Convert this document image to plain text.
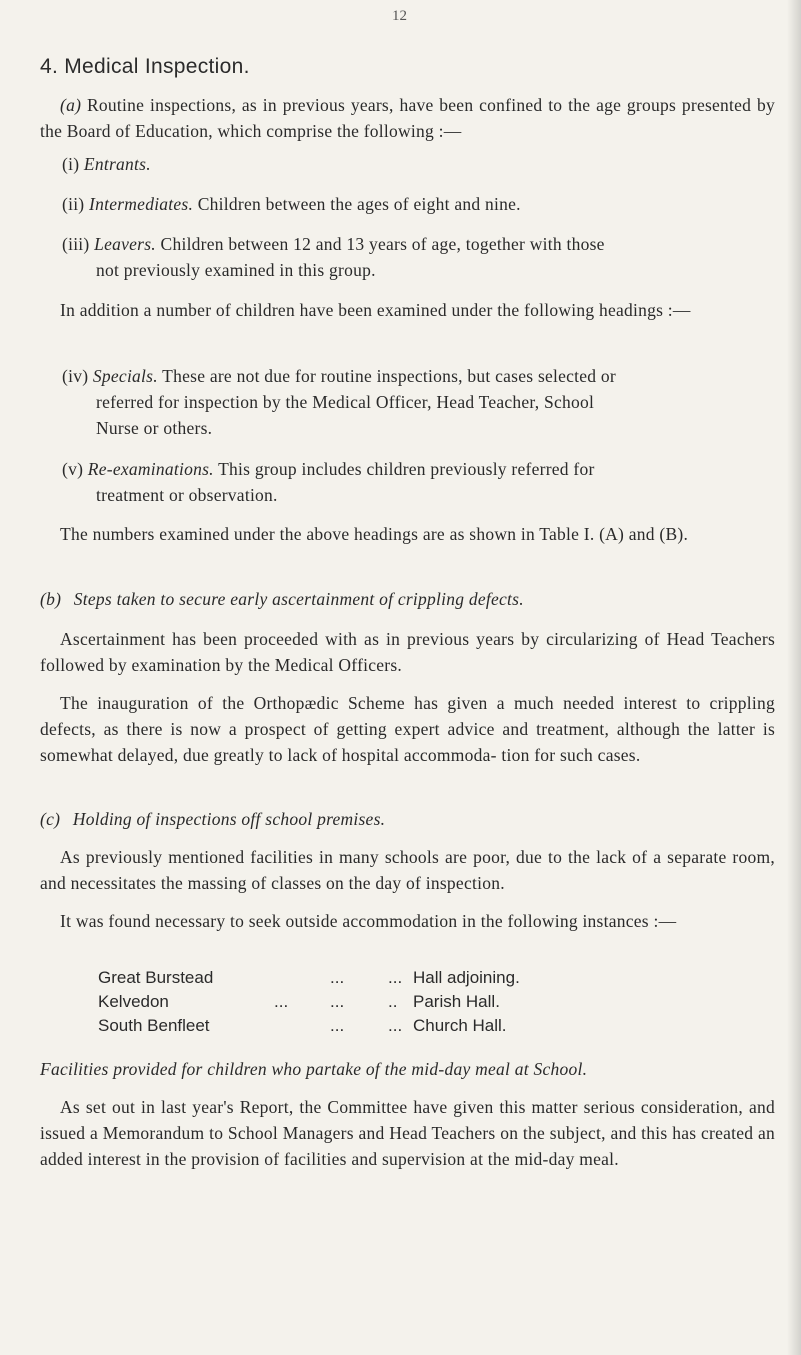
12
4. Medical Inspection.
(a) Routine inspections, as in previous years, have been confined to the age groups presented by the Board of Education, which comprise the following :—
(i) Entrants.
(ii) Intermediates. Children between the ages of eight and nine.
(iii) Leavers. Children between 12 and 13 years of age, together with those
not previously examined in this group.
In addition a number of children have been examined under the following headings :—
(iv) Specials. These are not due for routine inspections, but cases selected or
referred for inspection by the Medical Officer, Head Teacher, School
Nurse or others.
(v) Re-examinations. This group includes children previously referred for
treatment or observation.
The numbers examined under the above headings are as shown in Table I. (A) and (B).
(b) Steps taken to secure early ascertainment of crippling defects.
Ascertainment has been proceeded with as in previous years by circularizing of Head Teachers followed by examination by the Medical Officers.
The inauguration of the Orthopædic Scheme has given a much needed interest to crippling defects, as there is now a prospect of getting expert advice and treatment, although the latter is somewhat delayed, due greatly to lack of hospital accommoda- tion for such cases.
(c) Holding of inspections off school premises.
As previously mentioned facilities in many schools are poor, due to the lack of a separate room, and necessitates the massing of classes on the day of inspection.
It was found necessary to seek outside accommodation in the following instances :—
Great Burstead	...	... Hall adjoining.
Kelvedon	... ...	.. Parish Hall.
South Benfleet	...	... Church Hall.
Facilities provided for children who partake of the mid-day meal at School.
As set out in last year's Report, the Committee have given this matter serious consideration, and issued a Memorandum to School Managers and Head Teachers on the subject, and this has created an added interest in the provision of facilities and supervision at the mid-day meal.
